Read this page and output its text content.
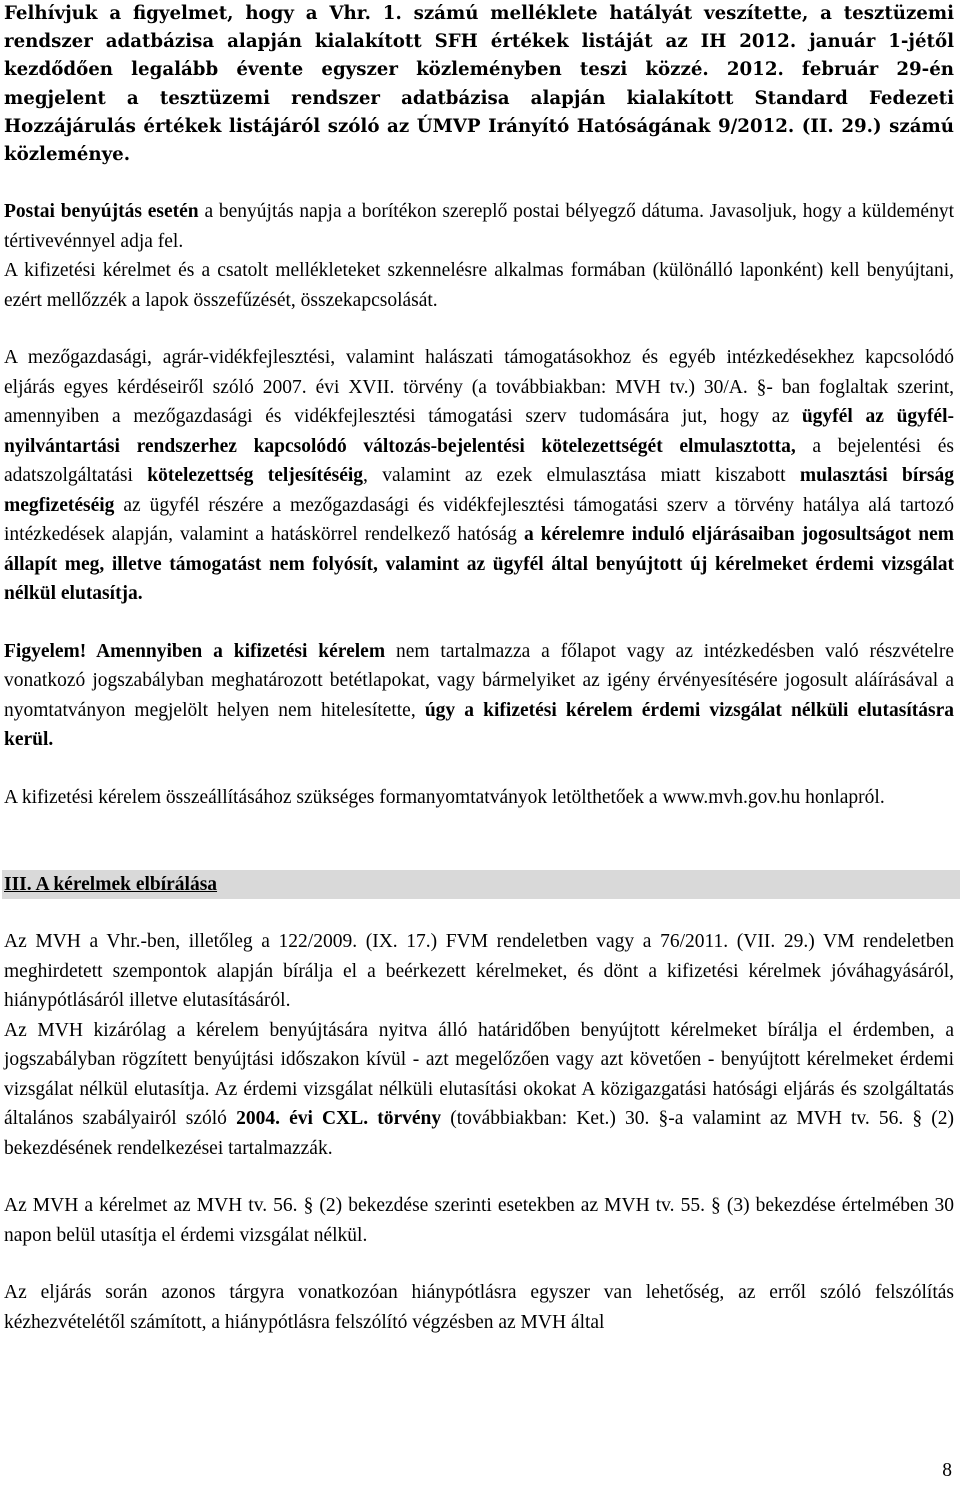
Felhívjuk a figyelmet, hogy a Vhr. 1. számú melléklete hatályát veszítette, a tesztüzemi rendszer adatbázisa alapján kialakított SFH értékek listáját az IH 2012. január 1-jétől kezdődően legalább évente egyszer közleményben teszi közzé. 2012. február 29-én megjelent a tesztüzemi rendszer adatbázisa alapján kialakított Standard Fedezeti Hozzájárulás értékek listájáról szóló az ÚMVP Irányító Hatóságának 9/2012. (II. 29.) számú közleménye.

Postai benyújtás esetén a benyújtás napja a borítékon szereplő postai bélyegző dátuma. Javasoljuk, hogy a küldeményt tértivevénnyel adja fel.

A kifizetési kérelmet és a csatolt mellékleteket szkennelésre alkalmas formában (különálló laponként) kell benyújtani, ezért mellőzzék a lapok összefűzését, összekapcsolását.

A mezőgazdasági, agrár-vidékfejlesztési, valamint halászati támogatásokhoz és egyéb intézkedésekhez kapcsolódó eljárás egyes kérdéseiről szóló 2007. évi XVII. törvény (a továbbiakban: MVH tv.) 30/A. §- ban foglaltak szerint, amennyiben a mezőgazdasági és vidékfejlesztési támogatási szerv tudomására jut, hogy az ügyfél az ügyfél-nyilvántartási rendszerhez kapcsolódó változás-bejelentési kötelezettségét elmulasztotta, a bejelentési és adatszolgáltatási kötelezettség teljesítéséig, valamint az ezek elmulasztása miatt kiszabott mulasztási bírság megfizetéséig az ügyfél részére a mezőgazdasági és vidékfejlesztési támogatási szerv a törvény hatálya alá tartozó intézkedések alapján, valamint a hatáskörrel rendelkező hatóság a kérelemre induló eljárásaiban jogosultságot nem állapít meg, illetve támogatást nem folyósít, valamint az ügyfél által benyújtott új kérelmeket érdemi vizsgálat nélkül elutasítja.

Figyelem! Amennyiben a kifizetési kérelem nem tartalmazza a főlapot vagy az intézkedésben való részvételre vonatkozó jogszabályban meghatározott betétlapokat, vagy bármelyiket az igény érvényesítésére jogosult aláírásával a nyomtatványon megjelölt helyen nem hitelesítette, úgy a kifizetési kérelem érdemi vizsgálat nélküli elutasításra kerül.

A kifizetési kérelem összeállításához szükséges formanyomtatványok letölthetőek a www.mvh.gov.hu honlapról.

III. A kérelmek elbírálása

Az MVH a Vhr.-ben, illetőleg a 122/2009. (IX. 17.) FVM rendeletben vagy a 76/2011. (VII. 29.) VM rendeletben meghirdetett szempontok alapján bírálja el a beérkezett kérelmeket, és dönt a kifizetési kérelmek jóváhagyásáról, hiánypótlásáról illetve elutasításáról.

Az MVH kizárólag a kérelem benyújtására nyitva álló határidőben benyújtott kérelmeket bírálja el érdemben, a jogszabályban rögzített benyújtási időszakon kívül - azt megelőzően vagy azt követően - benyújtott kérelmeket érdemi vizsgálat nélkül elutasítja. Az érdemi vizsgálat nélküli elutasítási okokat A közigazgatási hatósági eljárás és szolgáltatás általános szabályairól szóló 2004. évi CXL. törvény (továbbiakban: Ket.) 30. §-a valamint az MVH tv. 56. § (2) bekezdésének rendelkezései tartalmazzák.

Az MVH a kérelmet az MVH tv. 56. § (2) bekezdése szerinti esetekben az MVH tv. 55. § (3) bekezdése értelmében 30 napon belül utasítja el érdemi vizsgálat nélkül.

Az eljárás során azonos tárgyra vonatkozóan hiánypótlásra egyszer van lehetőség, az erről szóló felszólítás kézhezvételétől számított, a hiánypótlásra felszólító végzésben az MVH által

8
